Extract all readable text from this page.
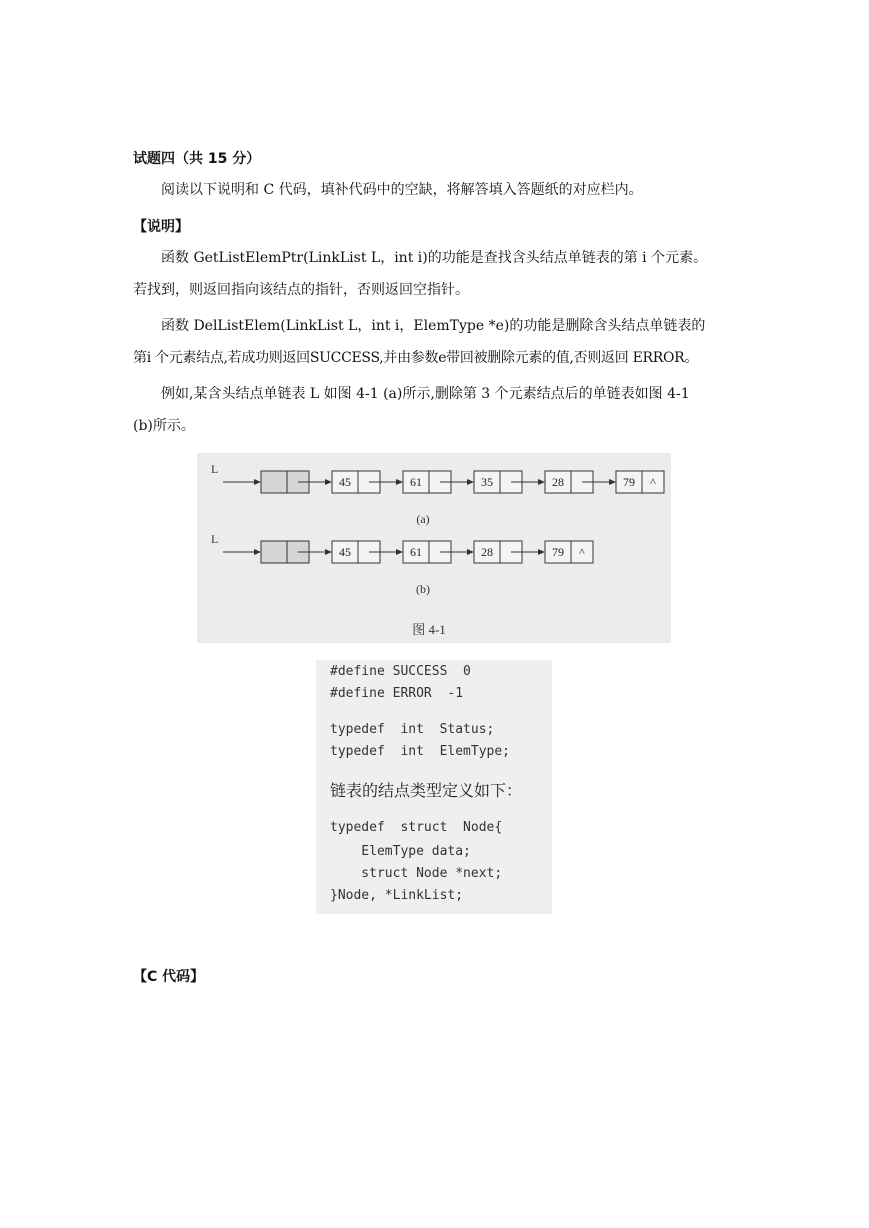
试题四（共 15 分）
阅读以下说明和 C 代码，填补代码中的空缺，将解答填入答题纸的对应栏内。
【说明】
函数 GetListElemPtr(LinkList L，int i)的功能是查找含头结点单链表的第 i 个元素。
若找到，则返回指向该结点的指针，否则返回空指针。
函数 DelListElem(LinkList L，int i，ElemType *e)的功能是删除含头结点单链表的
第i 个元素结点,若成功则返回SUCCESS,并由参数e带回被删除元素的值,否则返回 ERROR。
例如,某含头结点单链表 L 如图 4-1 (a)所示,删除第 3 个元素结点后的单链表如图 4-1
(b)所示。
L
L
45	61	35	28	79 ^
45	61	28	79 ^
(a)
(b)
图 4-1
#define SUCCESS  0
#define ERROR  -1
typedef  int  Status;
typedef  int  ElemType;
链表的结点类型定义如下：
typedef  struct  Node{
ElemType data;
struct Node *next;
}Node, *LinkList;
【C 代码】
